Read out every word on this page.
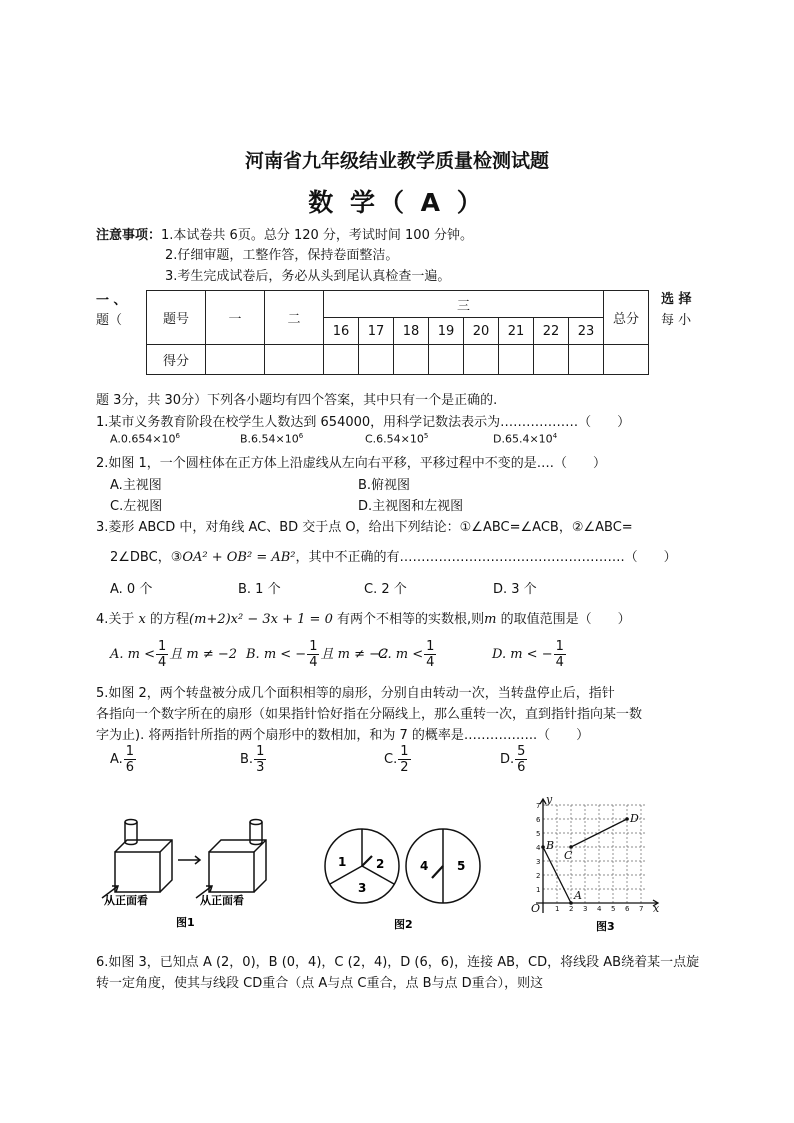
河南省九年级结业教学质量检测试题
数 学（ A ）
注意事项：1.本试卷共 6页。总分 120 分，考试时间 100 分钟。
2.仔细审题，工整作答，保持卷面整洁。
3.考生完成试卷后，务必从头到尾认真检查一遍。
一 、
题（
选 择
每 小
题号	一	二	三								总分
			16	17	18	19	20	21	22	23	
得分											
题 3分，共 30分）下列各小题均有四个答案，其中只有一个是正确的.
1.某市义务教育阶段在校学生人数达到 654000，用科学记数法表示为………………（　　）
$A.0.654\times 10^6$	$B.6.54\times 10^6$	$C.6.54\times 10^5$	$D.65.4\times 10^4$
2.如图 1，一个圆柱体在正方体上沿虚线从左向右平移，平移过程中不变的是….（　　）
A.主视图	B.俯视图
C.左视图	D.主视图和左视图
3.菱形 ABCD 中，对角线 AC、BD 交于点 O，给出下列结论：①∠ABC=∠ACB，②∠ABC=
2∠DBC，③OA² + OB² = AB²，其中不正确的有…………………………………………….（　　）
A. 0 个	B. 1 个	C. 2 个	D. 3 个
4.关于 x 的方程(m+2)x² − 3x + 1 = 0 有两个不相等的实数根,则m 的取值范围是（　　）
A. $m < \frac{1}{4}$ 且 m ≠ −2 B. m < − $\frac{1}{4}$ 且 m ≠ −2
C. $m < \frac{1}{4}$	D. m < − $\frac{1}{4}$
5.如图 2，两个转盘被分成几个面积相等的扇形，分别自由转动一次，当转盘停止后，指针
各指向一个数字所在的扇形（如果指针恰好指在分隔线上，那么重转一次，直到指针指向某一数
字为止). 将两指针所指的两个扇形中的数相加，和为 7 的概率是……………..（　　）
A. $\frac{1}{6}$	B. $\frac{1}{3}$	C. $\frac{1}{2}$	D. $\frac{5}{6}$
从正面看	从正面看
图1
1 2
3
4 5
图2
A
B
C
D
O	x
y
1 2 3 4 5 6 7
1
2
3
5
6
7
4
图3
6.如图 3，已知点 A (2，0)，B (0，4)，C (2，4)，D (6，6)，连接 AB，CD，将线段 AB绕着某一点旋
转一定角度，使其与线段 CD重合（点 A与点 C重合，点 B与点 D重合），则这
